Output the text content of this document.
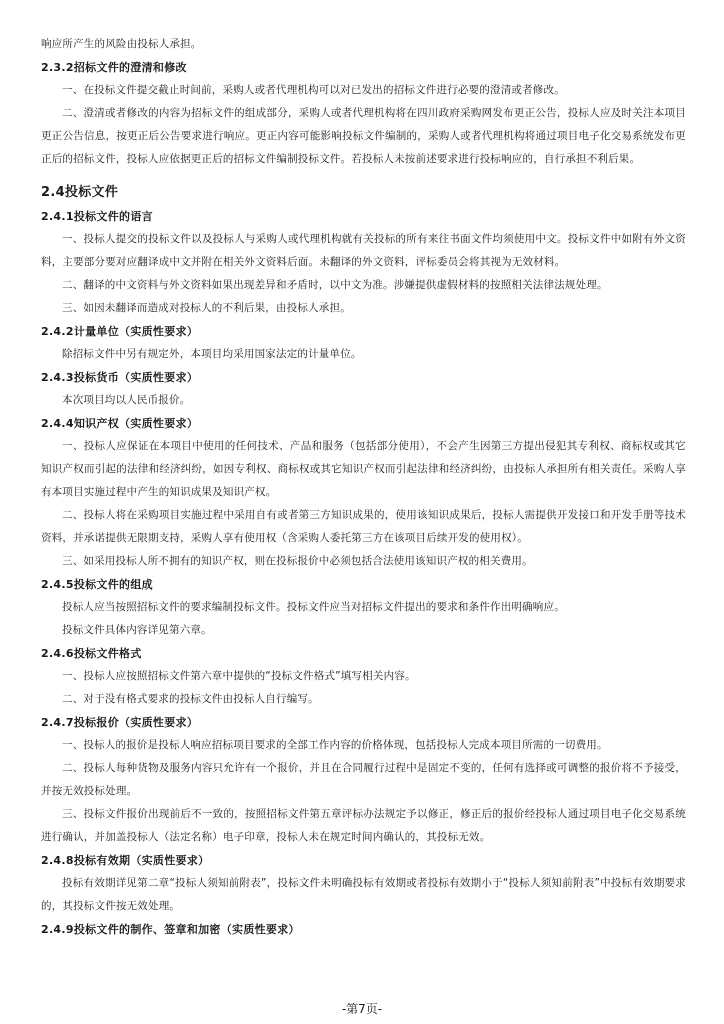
响应所产生的风险由投标人承担。

2.3.2招标文件的澄清和修改

一、在投标文件提交截止时间前，采购人或者代理机构可以对已发出的招标文件进行必要的澄清或者修改。

二、澄清或者修改的内容为招标文件的组成部分，采购人或者代理机构将在四川政府采购网发布更正公告，投标人应及时关注本项目更正公告信息，按更正后公告要求进行响应。更正内容可能影响投标文件编制的，采购人或者代理机构将通过项目电子化交易系统发布更正后的招标文件，投标人应依据更正后的招标文件编制投标文件。若投标人未按前述要求进行投标响应的，自行承担不利后果。

2.4投标文件
2.4.1投标文件的语言

一、投标人提交的投标文件以及投标人与采购人或代理机构就有关投标的所有来往书面文件均须使用中文。投标文件中如附有外文资料，主要部分要对应翻译成中文并附在相关外文资料后面。未翻译的外文资料，评标委员会将其视为无效材料。

二、翻译的中文资料与外文资料如果出现差异和矛盾时，以中文为准。涉嫌提供虚假材料的按照相关法律法规处理。

三、如因未翻译而造成对投标人的不利后果，由投标人承担。

2.4.2计量单位（实质性要求）

除招标文件中另有规定外，本项目均采用国家法定的计量单位。

2.4.3投标货币（实质性要求）

本次项目均以人民币报价。

2.4.4知识产权（实质性要求）

一、投标人应保证在本项目中使用的任何技术、产品和服务（包括部分使用），不会产生因第三方提出侵犯其专利权、商标权或其它知识产权而引起的法律和经济纠纷，如因专利权、商标权或其它知识产权而引起法律和经济纠纷，由投标人承担所有相关责任。采购人享有本项目实施过程中产生的知识成果及知识产权。

二、投标人将在采购项目实施过程中采用自有或者第三方知识成果的，使用该知识成果后，投标人需提供开发接口和开发手册等技术资料，并承诺提供无限期支持，采购人享有使用权（含采购人委托第三方在该项目后续开发的使用权）。

三、如采用投标人所不拥有的知识产权，则在投标报价中必须包括合法使用该知识产权的相关费用。

2.4.5投标文件的组成

投标人应当按照招标文件的要求编制投标文件。投标文件应当对招标文件提出的要求和条件作出明确响应。

投标文件具体内容详见第六章。

2.4.6投标文件格式

一、投标人应按照招标文件第六章中提供的“投标文件格式”填写相关内容。

二、对于没有格式要求的投标文件由投标人自行编写。

2.4.7投标报价（实质性要求）

一、投标人的报价是投标人响应招标项目要求的全部工作内容的价格体现，包括投标人完成本项目所需的一切费用。

二、投标人每种货物及服务内容只允许有一个报价，并且在合同履行过程中是固定不变的，任何有选择或可调整的报价将不予接受，并按无效投标处理。

三、投标文件报价出现前后不一致的，按照招标文件第五章评标办法规定予以修正，修正后的报价经投标人通过项目电子化交易系统进行确认，并加盖投标人（法定名称）电子印章，投标人未在规定时间内确认的，其投标无效。

2.4.8投标有效期（实质性要求）

投标有效期详见第二章“投标人须知前附表”，投标文件未明确投标有效期或者投标有效期小于“投标人须知前附表”中投标有效期要求的，其投标文件按无效处理。

2.4.9投标文件的制作、签章和加密（实质性要求）
-第7页-
